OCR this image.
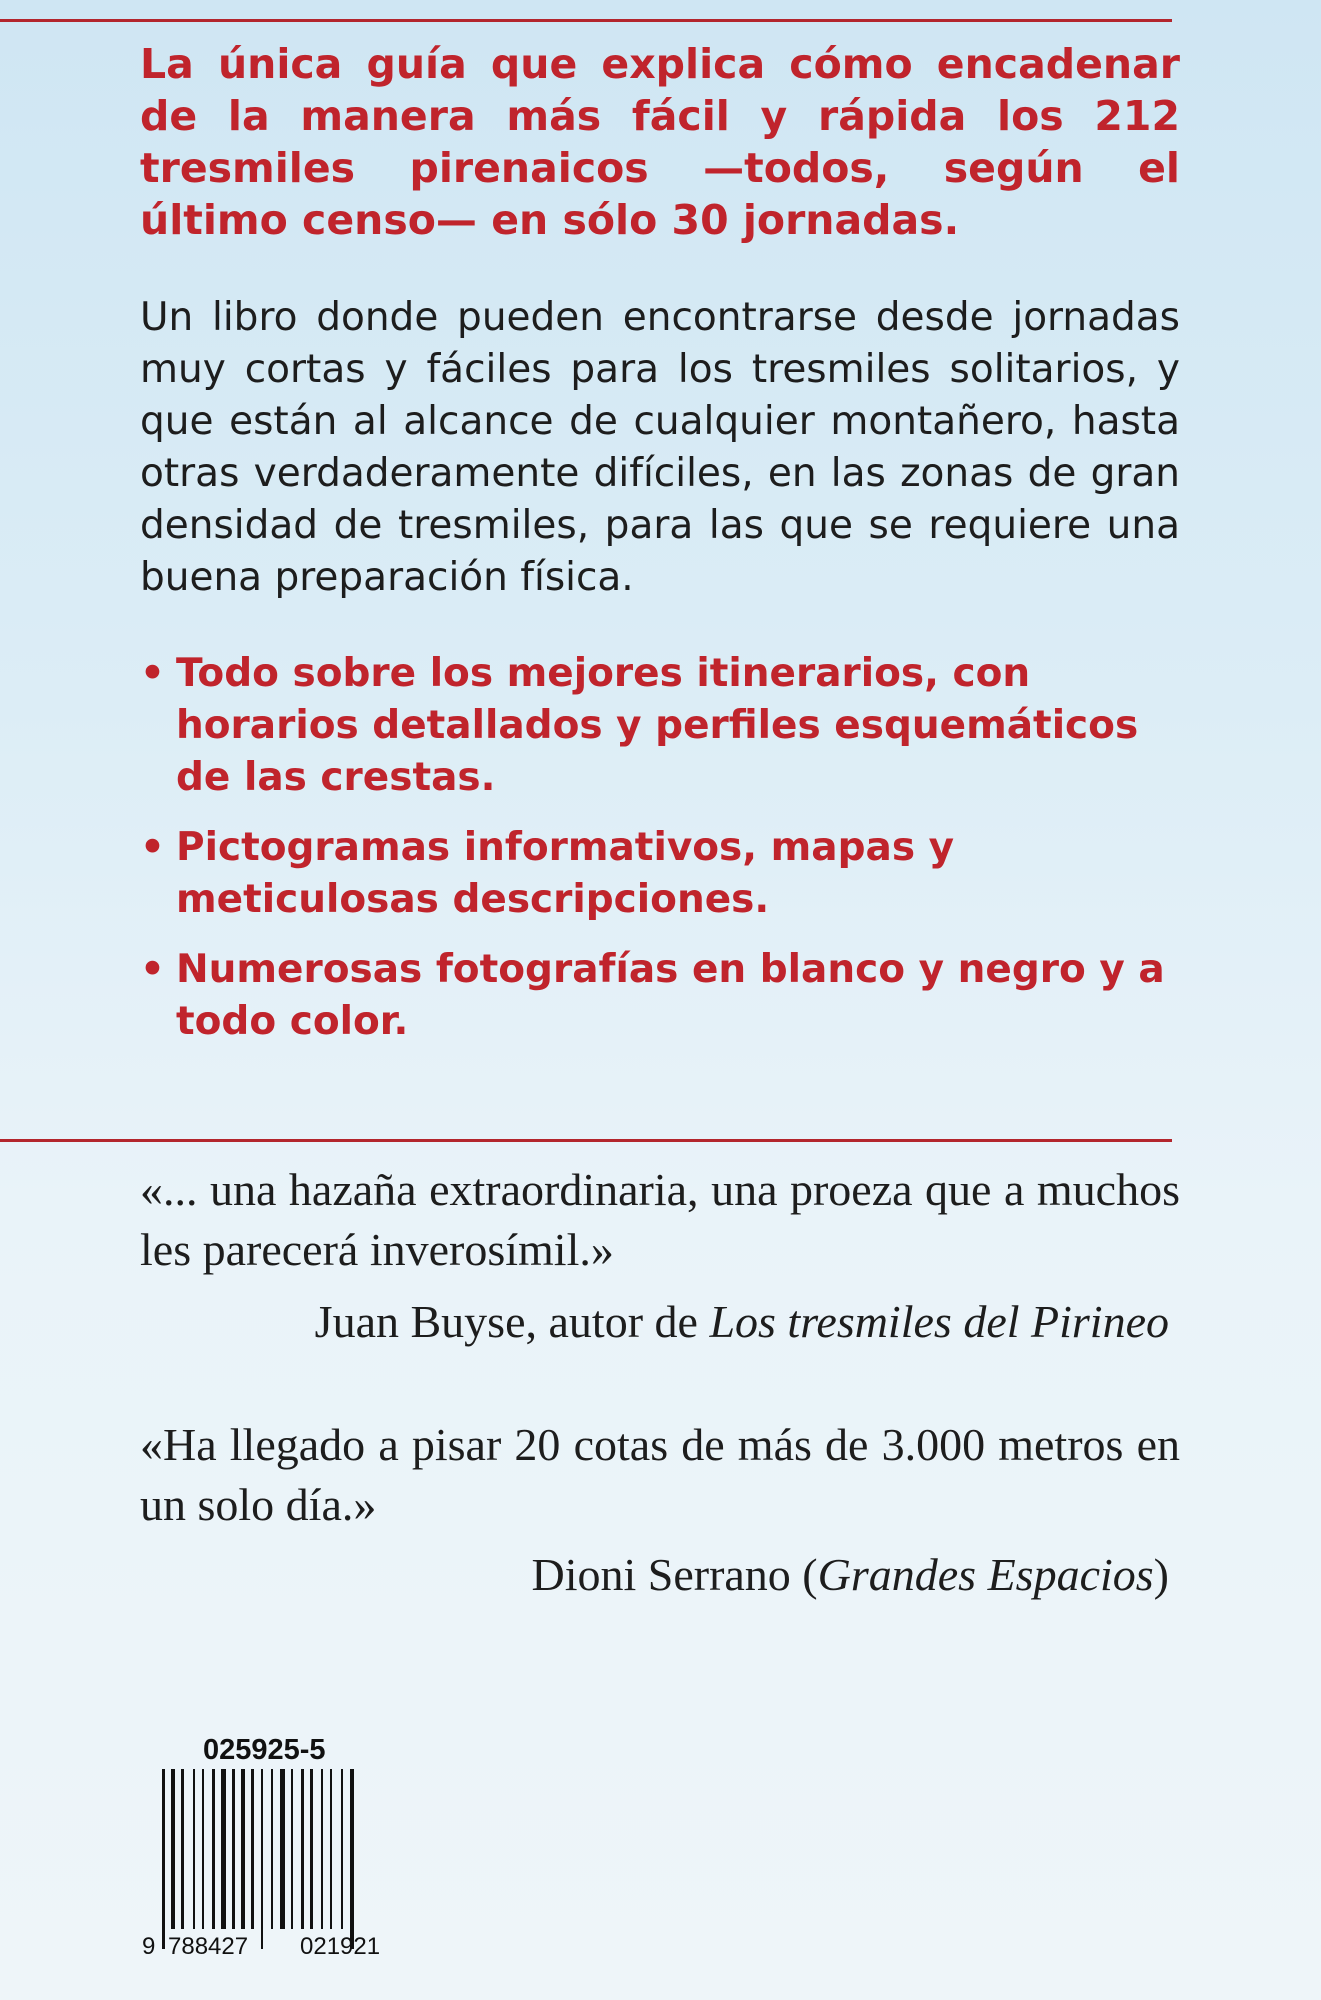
La única guía que explica cómo encadenar de la manera más fácil y rápida los 212 tresmiles pirenaicos —todos, según el último censo— en sólo 30 jornadas.

Un libro donde pueden encontrarse desde jornadas muy cortas y fáciles para los tresmiles solitarios, y que están al alcance de cualquier montañero, hasta otras verdaderamente difíciles, en las zonas de gran densidad de tresmiles, para las que se requiere una buena preparación física.

• Todo sobre los mejores itinerarios, con horarios detallados y perfiles esquemáticos de las crestas.
• Pictogramas informativos, mapas y meticulosas descripciones.
• Numerosas fotografías en blanco y negro y a todo color.

«... una hazaña extraordinaria, una proeza que a muchos les parecerá inverosímil.»

Juan Buyse, autor de Los tresmiles del Pirineo

«Ha llegado a pisar 20 cotas de más de 3.000 metros en un solo día.»

Dioni Serrano (Grandes Espacios)

025925-5

9 788427 021921
